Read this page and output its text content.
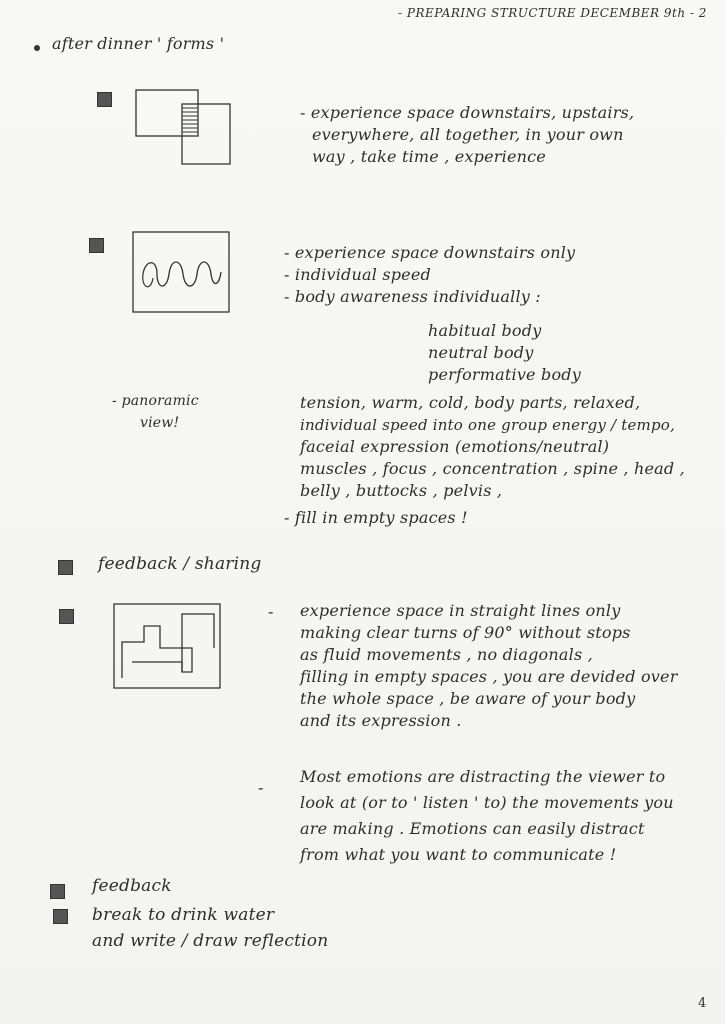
- PREPARING STRUCTURE DECEMBER 9th - 2
after dinner ' forms '
- experience space downstairs, upstairs,
everywhere, all together, in your own
way , take time , experience
- experience space downstairs only
- individual speed
- body awareness individually :
habitual body
neutral body
performative body
- panoramic
view!
tension, warm, cold, body parts, relaxed,
individual speed into one group energy / tempo,
faceial expression (emotions/neutral)
muscles , focus , concentration , spine , head ,
belly , buttocks , pelvis ,
- fill in empty spaces !
feedback / sharing
- experience space in straight lines only
making clear turns of 90° without stops
as fluid movements , no diagonals ,
filling in empty spaces , you are devided over
the whole space , be aware of your body
and its expression .
-
Most emotions are distracting the viewer to
look at (or to ' listen ' to) the movements you
are making . Emotions can easily distract
from what you want to communicate !
feedback
break to drink water
and write / draw reflection
4
